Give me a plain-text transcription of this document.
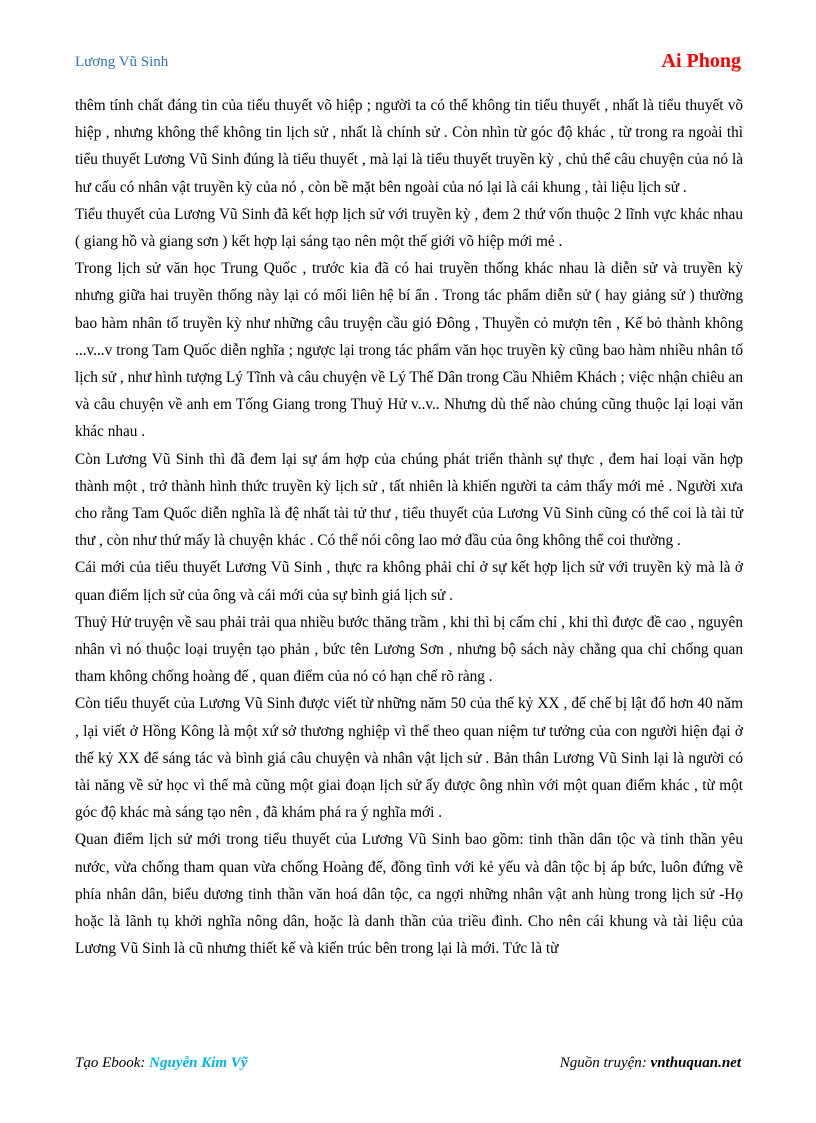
Lương Vũ Sinh	Ai Phong

thêm tính chất đáng tin của tiểu thuyết võ hiệp ; người ta có thể không tin tiểu thuyết , nhất là tiểu thuyết võ hiệp , nhưng không thể không tin lịch sử , nhất là chính sử . Còn nhìn từ góc độ khác , từ trong ra ngoài thì tiểu thuyết Lương Vũ Sinh đúng là tiểu thuyết , mà lại là tiểu thuyết truyền kỳ , chủ thể câu chuyện của nó là hư cấu có nhân vật truyền kỳ của nó , còn bề mặt bên ngoài của nó lại là cái khung , tài liệu lịch sử .

Tiểu thuyết của Lương Vũ Sinh đã kết hợp lịch sử với truyền kỳ , đem 2 thứ vốn thuộc 2 lĩnh vực khác nhau ( giang hồ và giang sơn ) kết hợp lại sáng tạo nên một thế giới võ hiệp mới mẻ .

Trong lịch sử văn học Trung Quốc , trước kia đã có hai truyền thống khác nhau là diễn sử và truyền kỳ nhưng giữa hai truyền thống này lại có mối liên hệ bí ẩn . Trong tác phẩm diễn sử ( hay giảng sử ) thường bao hàm nhân tố truyền kỳ như những câu truyện cầu gió Đông , Thuyền cỏ mượn tên , Kế bỏ thành không ...v...v trong Tam Quốc diễn nghĩa ; ngược lại trong tác phẩm văn học truyền kỳ cũng bao hàm nhiều nhân tố lịch sử , như hình tượng Lý Tĩnh và câu chuyện về Lý Thế Dân trong Cầu Nhiêm Khách ; việc nhận chiêu an và câu chuyện về anh em Tống Giang trong Thuỷ Hử v..v.. Nhưng dù thế nào chúng cũng thuộc lại loại văn khác nhau .

Còn Lương Vũ Sinh thì đã đem lại sự ám hợp của chúng phát triển thành sự thực , đem hai loại văn hợp thành một , trở thành hình thức truyền kỳ lịch sử , tất nhiên là khiến người ta cảm thấy mới mẻ . Người xưa cho rằng Tam Quốc diễn nghĩa là đệ nhất tài tử thư , tiểu thuyết của Lương Vũ Sinh cũng có thể coi là tài tử thư , còn như thứ mấy là chuyện khác . Có thể nói công lao mở đầu của ông không thể coi thường .

Cái mới của tiểu thuyết Lương Vũ Sinh , thực ra không phải chỉ ở sự kết hợp lịch sử với truyền kỳ mà là ở quan điểm lịch sử của ông và cái mới của sự bình giá lịch sử .

Thuỷ Hử truyện về sau phải trải qua nhiều bước thăng trầm , khi thì bị cấm chỉ , khi thì được đề cao , nguyên nhân vì nó thuộc loại truyện tạo phản , bức tên Lương Sơn , nhưng bộ sách này chẳng qua chỉ chống quan tham không chống hoàng đế , quan điểm của nó có hạn chế rõ ràng .

Còn tiểu thuyết của Lương Vũ Sinh được viết từ những năm 50 của thế kỷ XX , đế chế bị lật đổ hơn 40 năm , lại viết ở Hồng Kông là một xứ sở thương nghiệp vì thế theo quan niệm tư tưởng của con người hiện đại ở thế kỷ XX để sáng tác và bình giá câu chuyện và nhân vật lịch sử . Bản thân Lương Vũ Sinh lại là người có tài năng về sử học vì thế mà cũng một giai đoạn lịch sử ấy được ông nhìn với một quan điểm khác , từ một góc độ khác mà sáng tạo nên , đã khám phá ra ý nghĩa mới .

Quan điểm lịch sử mới trong tiểu thuyết của Lương Vũ Sinh bao gồm: tinh thần dân tộc và tinh thần yêu nước, vừa chống tham quan vừa chống Hoàng đế, đồng tình với kẻ yếu và dân tộc bị áp bức, luôn đứng về phía nhân dân, biểu dương tinh thần văn hoá dân tộc, ca ngợi những nhân vật anh hùng trong lịch sử -Họ hoặc là lãnh tụ khởi nghĩa nông dân, hoặc là danh thần của triều đình. Cho nên cái khung và tài liệu của Lương Vũ Sinh là cũ nhưng thiết kế và kiến trúc bên trong lại là mới. Tức là từ

Tạo Ebook: Nguyễn Kim Vỹ	Nguồn truyện: vnthuquan.net
